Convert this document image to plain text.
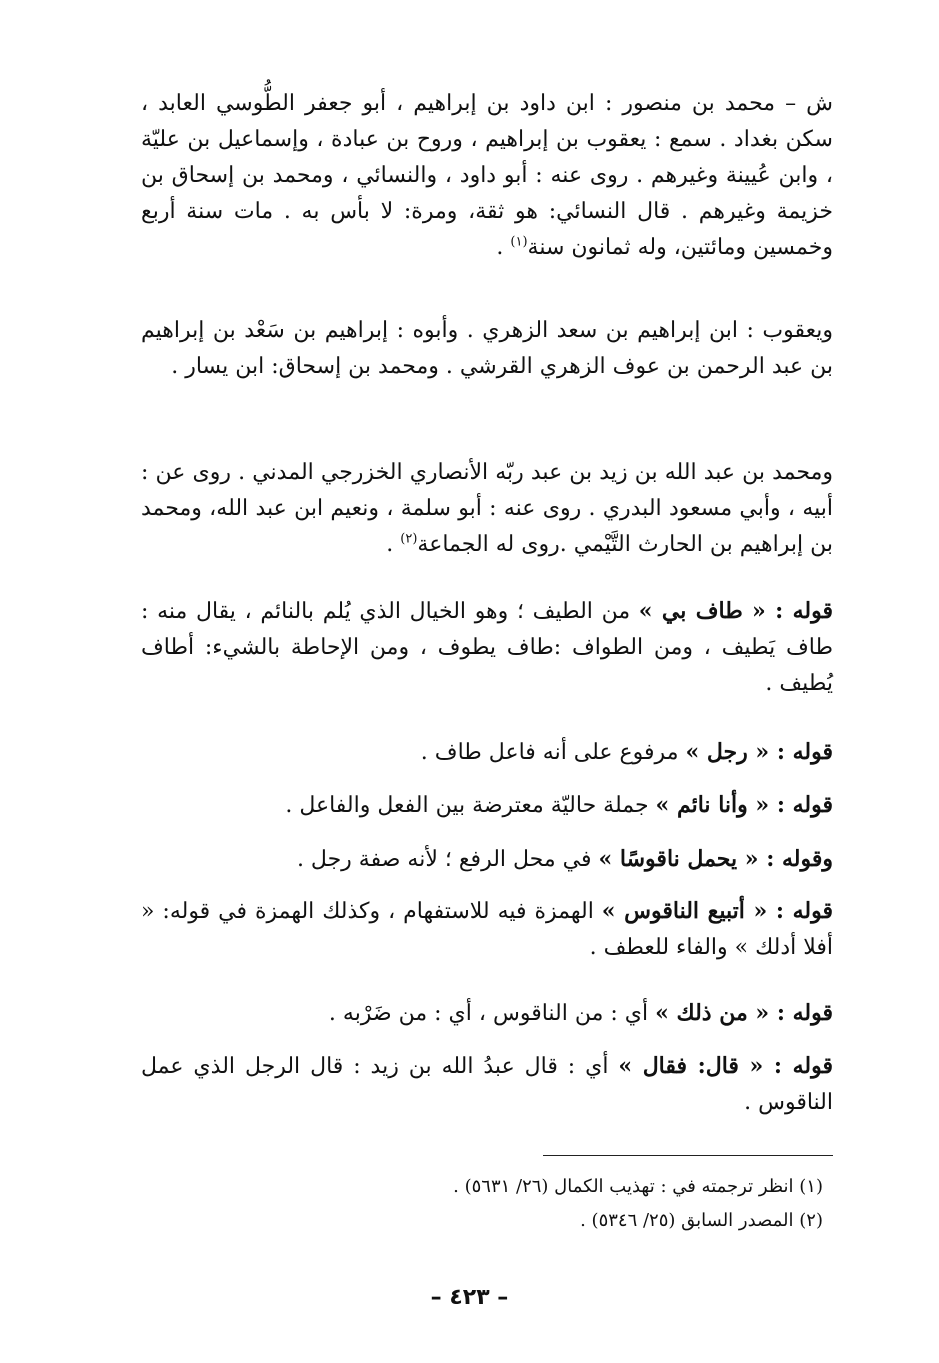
ش – محمد بن منصور : ابن داود بن إبراهيم ، أبو جعفر الطُّوسي العابد ، سكن بغداد . سمع : يعقوب بن إبراهيم ، وروح بن عبادة ، وإسماعيل بن عليّة ، وابن عُيينة وغيرهم . روى عنه : أبو داود ، والنسائي ، ومحمد بن إسحاق بن خزيمة وغيرهم . قال النسائي: هو ثقة، ومرة: لا بأس به . مات سنة أربع وخمسين ومائتين، وله ثمانون سنة$^{(١)}$ .

ويعقوب : ابن إبراهيم بن سعد الزهري . وأبوه : إبراهيم بن سَعْد بن إبراهيم بن عبد الرحمن بن عوف الزهري القرشي . ومحمد بن إسحاق: ابن يسار .

ومحمد بن عبد الله بن زيد بن عبد ربّه الأنصاري الخزرجي المدني . روى عن : أبيه ، وأبي مسعود البدري . روى عنه : أبو سلمة ، ونعيم ابن عبد الله، ومحمد بن إبراهيم بن الحارث التَّيْمي .روى له الجماعة$^{(٢)}$ .

قوله : « طاف بي » من الطيف ؛ وهو الخيال الذي يُلم بالنائم ، يقال منه : طاف يَطيف ، ومن الطواف :طاف يطوف ، ومن الإحاطة بالشيء: أطاف يُطيف .

قوله : « رجل » مرفوع على أنه فاعل طاف .

قوله : « وأنا نائم » جملة حاليّة معترضة بين الفعل والفاعل .

وقوله : « يحمل ناقوسًا » في محل الرفع ؛ لأنه صفة رجل .

قوله : « أتبيع الناقوس » الهمزة فيه للاستفهام ، وكذلك الهمزة في قوله: « أفلا أدلك » والفاء للعطف .

قوله : « من ذلك » أي : من الناقوس ، أي : من ضَرْبه .

قوله : « قال: فقال » أي : قال عبدُ الله بن زيد : قال الرجل الذي عمل الناقوس .

(١) انظر ترجمته في : تهذيب الكمال (٢٦/ ٥٦٣١) .

(٢) المصدر السابق (٢٥/ ٥٣٤٦) .

– ٤٢٣ –
